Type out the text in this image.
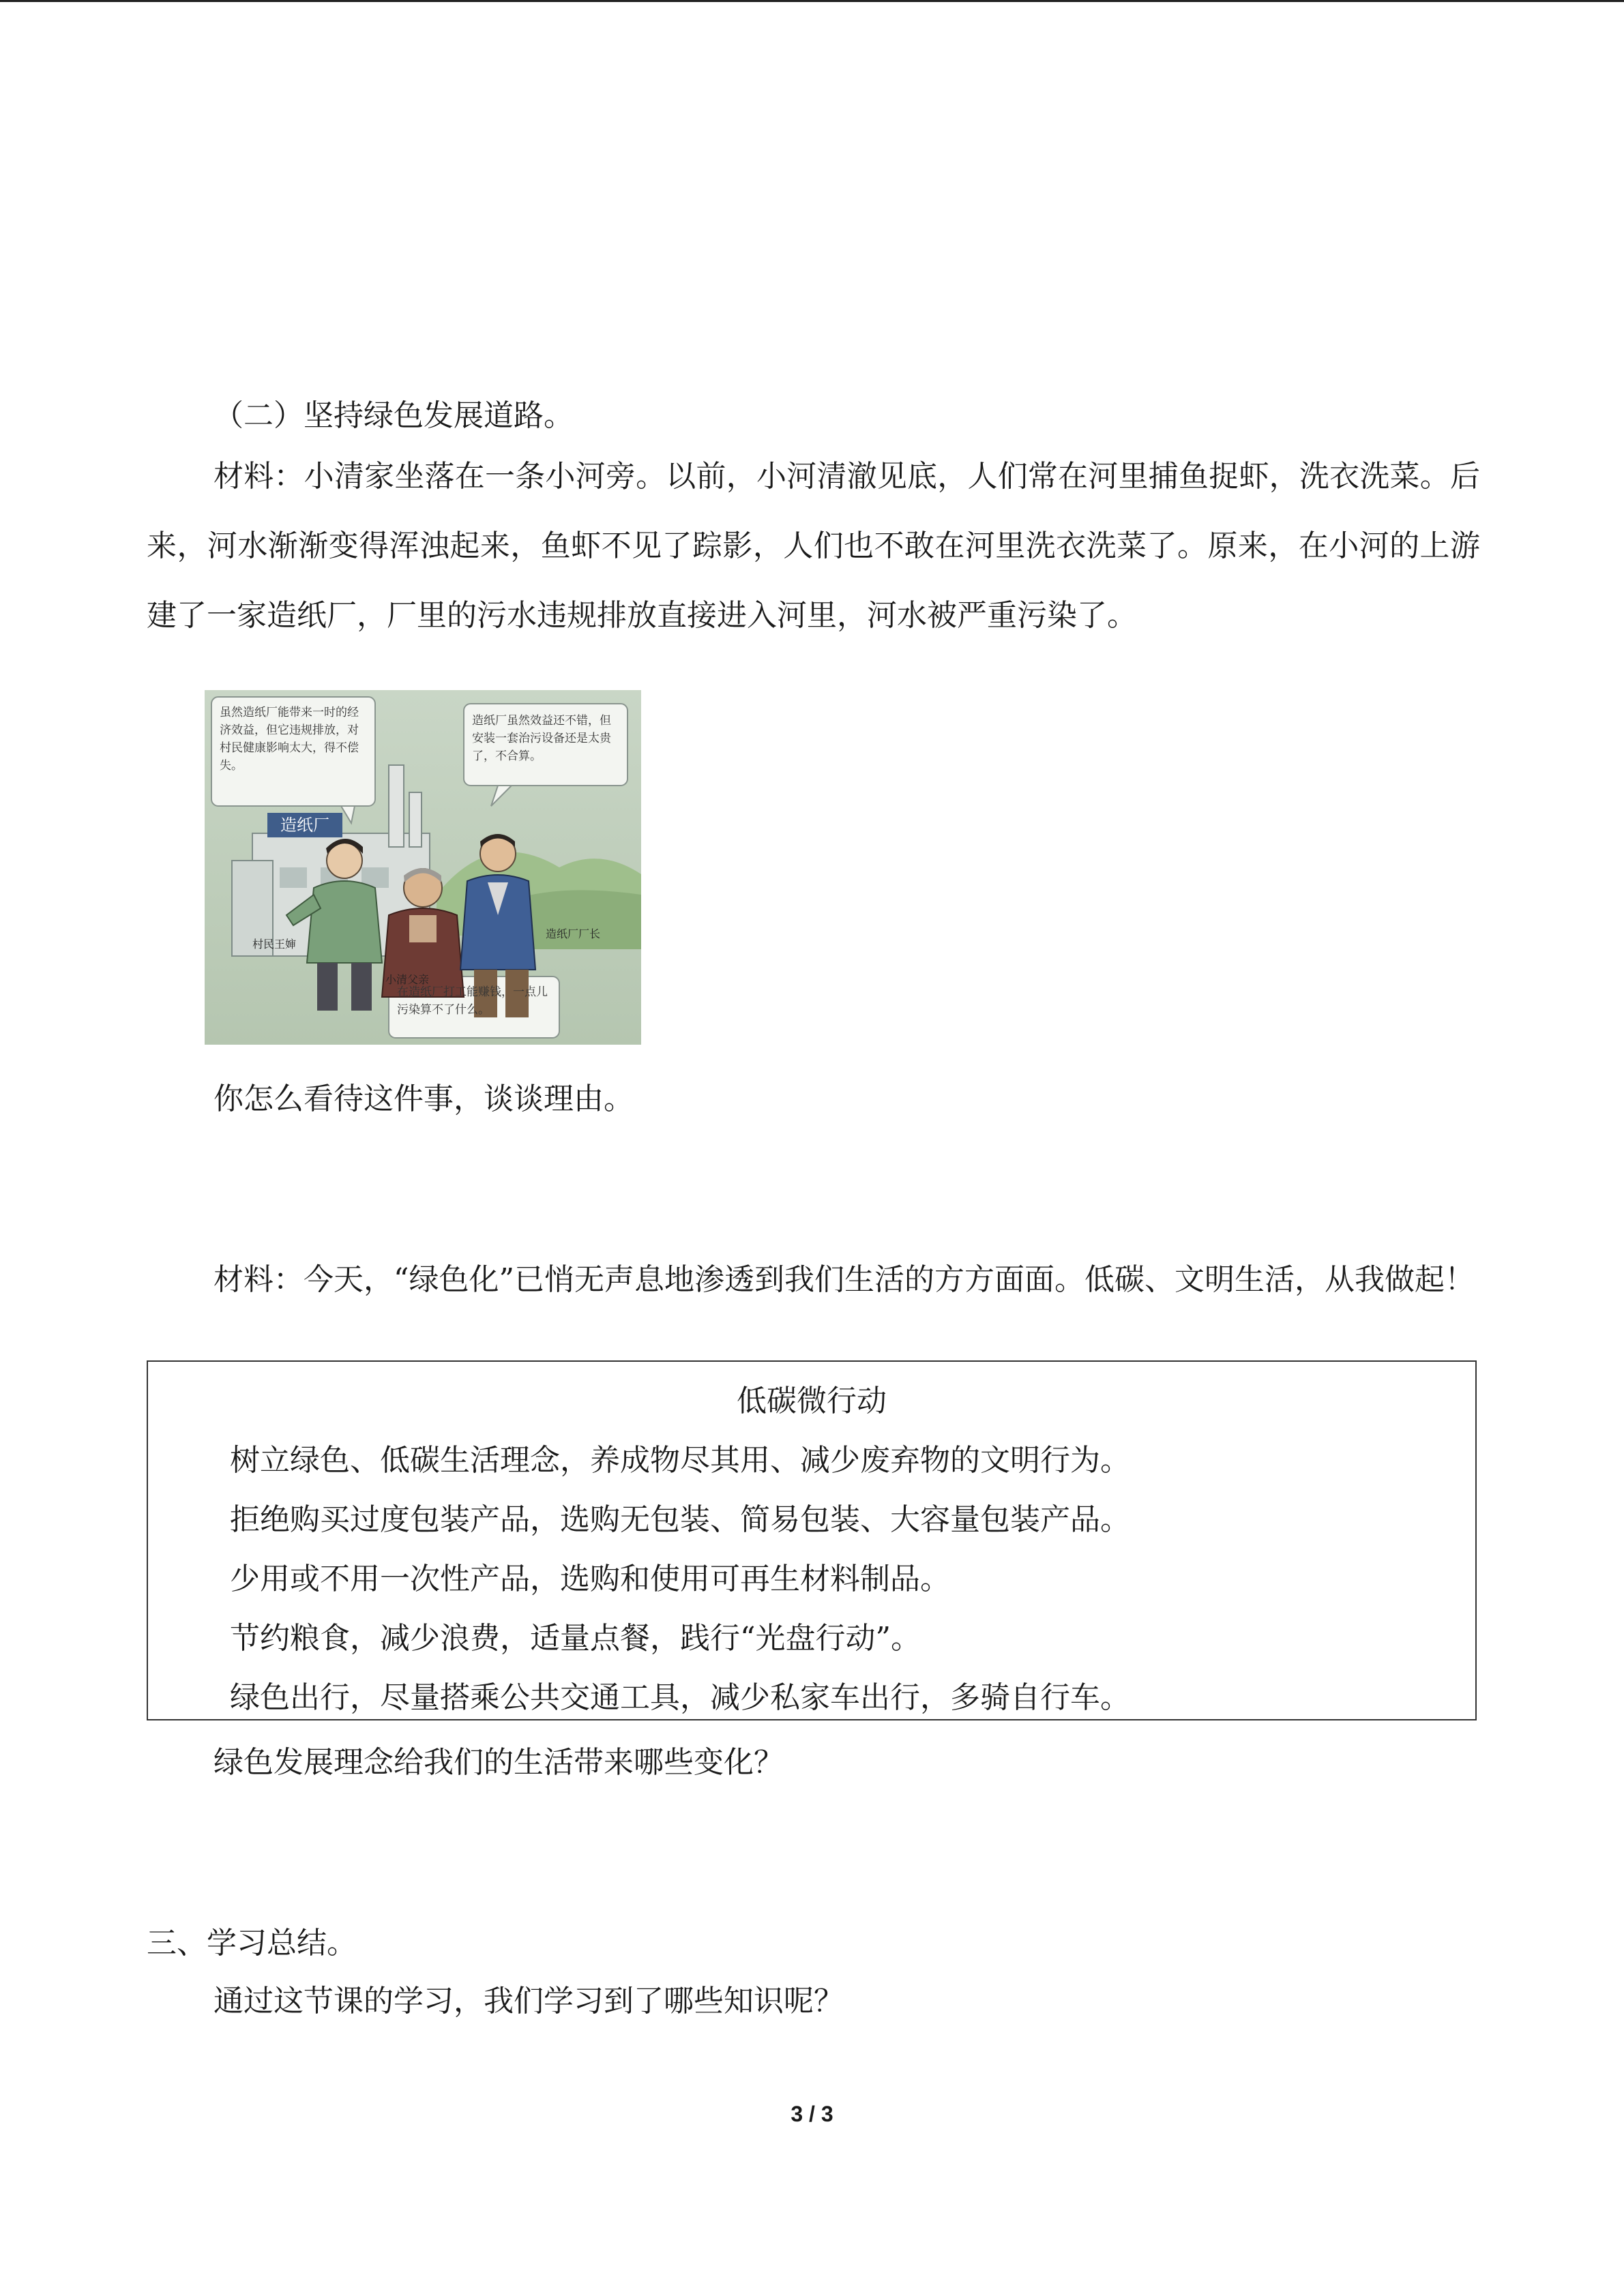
（二）坚持绿色发展道路。

材料：小清家坐落在一条小河旁。以前，小河清澈见底，人们常在河里捕鱼捉虾，洗衣洗菜。后来，河水渐渐变得浑浊起来，鱼虾不见了踪影，人们也不敢在河里洗衣洗菜了。原来，在小河的上游建了一家造纸厂，厂里的污水违规排放直接进入河里，河水被严重污染了。

造纸厂
虽然造纸厂能带来一时的经济效益，但它违规排放，对村民健康影响太大，得不偿失。
造纸厂虽然效益还不错，但安装一套治污设备还是太贵了，不合算。
在造纸厂打工能赚钱，一点儿污染算不了什么。
村民王婶
小清父亲
造纸厂厂长

你怎么看待这件事，谈谈理由。

材料：今天，“绿色化”已悄无声息地渗透到我们生活的方方面面。低碳、文明生活，从我做起！

低碳微行动

树立绿色、低碳生活理念，养成物尽其用、减少废弃物的文明行为。

拒绝购买过度包装产品，选购无包装、简易包装、大容量包装产品。

少用或不用一次性产品，选购和使用可再生材料制品。

节约粮食，减少浪费，适量点餐，践行“光盘行动”。

绿色出行，尽量搭乘公共交通工具，减少私家车出行，多骑自行车。

绿色发展理念给我们的生活带来哪些变化？

三、学习总结。

通过这节课的学习，我们学习到了哪些知识呢？

3 / 3
